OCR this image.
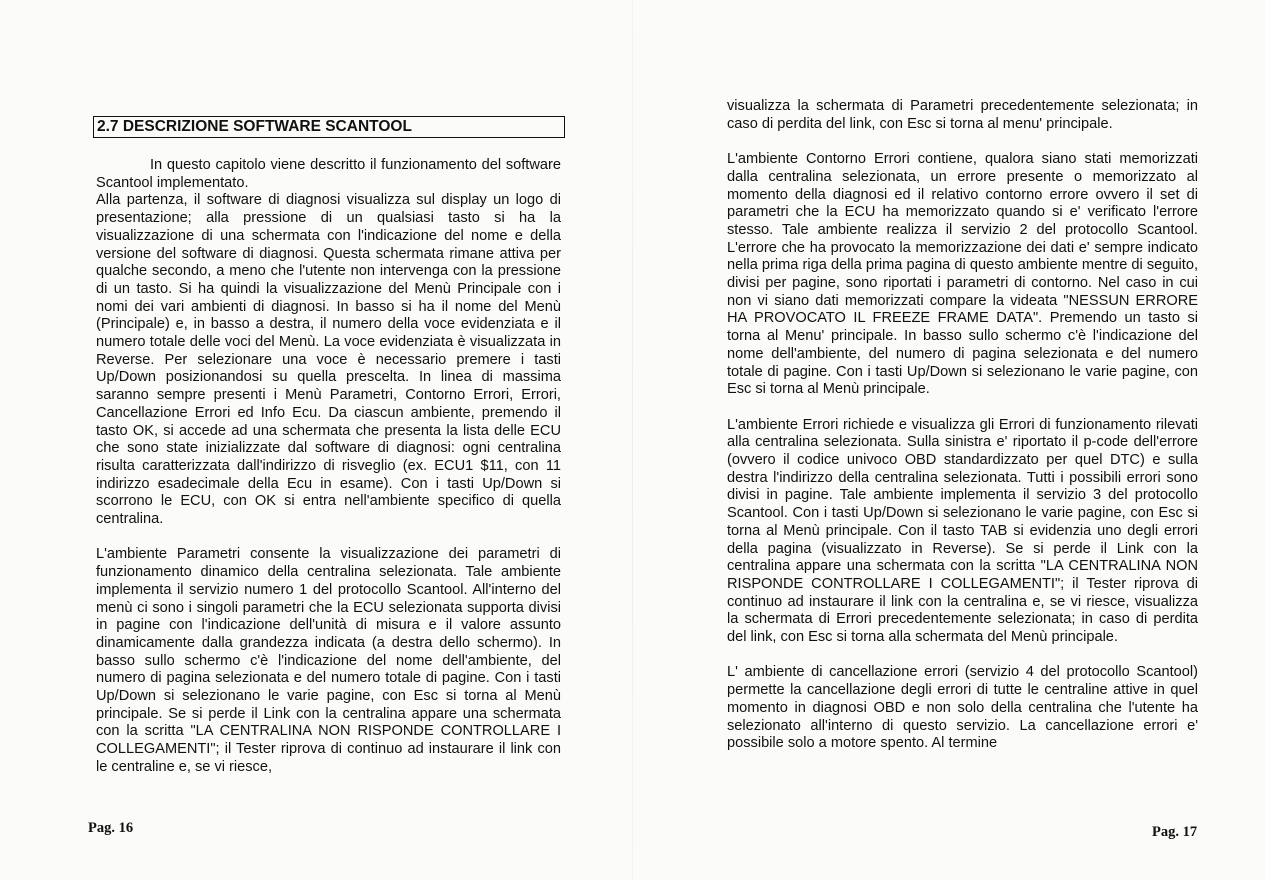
2.7 DESCRIZIONE SOFTWARE SCANTOOL

In questo capitolo viene descritto il funzionamento del software Scantool implementato.

Alla partenza, il software di diagnosi visualizza sul display un logo di presentazione; alla pressione di un qualsiasi tasto si ha la visualizzazione di una schermata con l'indicazione del nome e della versione del software di diagnosi. Questa schermata rimane attiva per qualche secondo, a meno che l'utente non intervenga con la pressione di un tasto. Si ha quindi la visualizzazione del Menù Principale con i nomi dei vari ambienti di diagnosi. In basso si ha il nome del Menù (Principale) e, in basso a destra, il numero della voce evidenziata e il numero totale delle voci del Menù. La voce evidenziata è visualizzata in Reverse. Per selezionare una voce è necessario premere i tasti Up/Down posizionandosi su quella prescelta. In linea di massima saranno sempre presenti i Menù Parametri, Contorno Errori, Errori, Cancellazione Errori ed Info Ecu. Da ciascun ambiente, premendo il tasto OK, si accede ad una schermata che presenta la lista delle ECU che sono state inizializzate dal software di diagnosi: ogni centralina risulta caratterizzata dall'indirizzo di risveglio (ex. ECU1 $11, con 11 indirizzo esadecimale della Ecu in esame). Con i tasti Up/Down si scorrono le ECU, con OK si entra nell'ambiente specifico di quella centralina.

L'ambiente Parametri consente la visualizzazione dei parametri di funzionamento dinamico della centralina selezionata. Tale ambiente implementa il servizio numero 1 del protocollo Scantool. All'interno del menù ci sono i singoli parametri che la ECU selezionata supporta divisi in pagine con l'indicazione dell'unità di misura e il valore assunto dinamicamente dalla grandezza indicata (a destra dello schermo). In basso sullo schermo c'è l'indicazione del nome dell'ambiente, del numero di pagina selezionata e del numero totale di pagine. Con i tasti Up/Down si selezionano le varie pagine, con Esc si torna al Menù principale. Se si perde il Link con la centralina appare una schermata con la scritta "LA CENTRALINA NON RISPONDE CONTROLLARE I COLLEGAMENTI"; il Tester riprova di continuo ad instaurare il link con le centraline e, se vi riesce,

Pag. 16

visualizza la schermata di Parametri precedentemente selezionata; in caso di perdita del link, con Esc si torna al menu' principale.

L'ambiente Contorno Errori contiene, qualora siano stati memorizzati dalla centralina selezionata, un errore presente o memorizzato al momento della diagnosi ed il relativo contorno errore ovvero il set di parametri che la ECU ha memorizzato quando si e' verificato l'errore stesso. Tale ambiente realizza il servizio 2 del protocollo Scantool. L'errore che ha provocato la memorizzazione dei dati e' sempre indicato nella prima riga della prima pagina di questo ambiente mentre di seguito, divisi per pagine, sono riportati i parametri di contorno. Nel caso in cui non vi siano dati memorizzati compare la videata "NESSUN ERRORE HA PROVOCATO IL FREEZE FRAME DATA". Premendo un tasto si torna al Menu' principale. In basso sullo schermo c'è l'indicazione del nome dell'ambiente, del numero di pagina selezionata e del numero totale di pagine. Con i tasti Up/Down si selezionano le varie pagine, con Esc si torna al Menù principale.

L'ambiente Errori richiede e visualizza gli Errori di funzionamento rilevati alla centralina selezionata. Sulla sinistra e' riportato il p-code dell'errore (ovvero il codice univoco OBD standardizzato per quel DTC) e sulla destra l'indirizzo della centralina selezionata. Tutti i possibili errori sono divisi in pagine. Tale ambiente implementa il servizio 3 del protocollo Scantool. Con i tasti Up/Down si selezionano le varie pagine, con Esc si torna al Menù principale. Con il tasto TAB si evidenzia uno degli errori della pagina (visualizzato in Reverse). Se si perde il Link con la centralina appare una schermata con la scritta "LA CENTRALINA NON RISPONDE CONTROLLARE I COLLEGAMENTI"; il Tester riprova di continuo ad instaurare il link con la centralina e, se vi riesce, visualizza la schermata di Errori precedentemente selezionata; in caso di perdita del link, con Esc si torna alla schermata del Menù principale.

L' ambiente di cancellazione errori (servizio 4 del protocollo Scantool) permette la cancellazione degli errori di tutte le centraline attive in quel momento in diagnosi OBD e non solo della centralina che l'utente ha selezionato all'interno di questo servizio. La cancellazione errori e' possibile solo a motore spento. Al termine

Pag. 17
